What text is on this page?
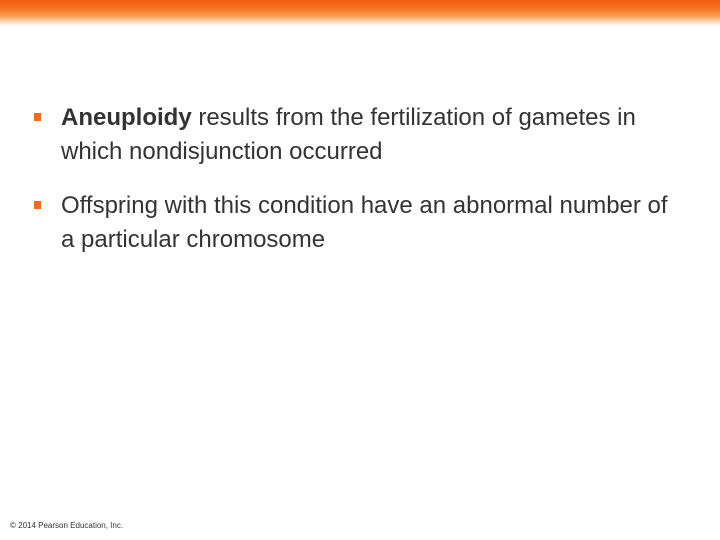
Aneuploidy results from the fertilization of gametes in which nondisjunction occurred
Offspring with this condition have an abnormal number of a particular chromosome
© 2014 Pearson Education, Inc.
